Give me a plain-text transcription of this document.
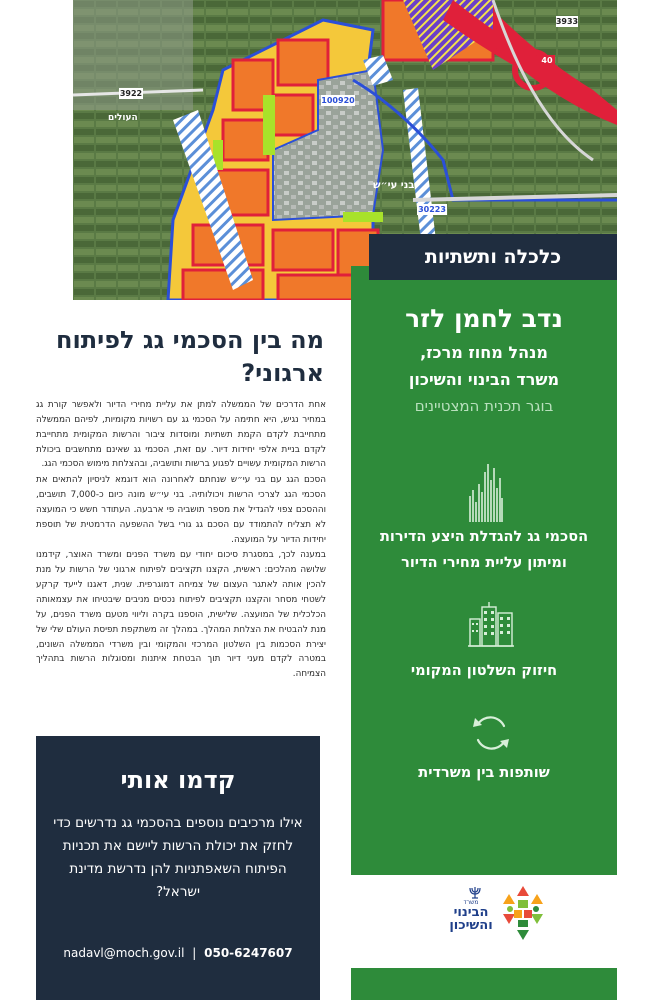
3933
40
3922
100920
30223
העולים
בני עי״ש
כלכלה ותשתיות
נדב לחמן לזר
מנהל מחוז מרכז,
משרד הבינוי והשיכון
בוגר תכנית המצטיינים
הסכמי גג להגדלת היצע הדירות
ומיתון עליית מחירי הדיור
חיזוק השלטון המקומי
שותפות בין משרדית
משרד
הבינוי
והשיכון
מה בין הסכמי גג לפיתוח
ארגוני?

אחת הדרכים של הממשלה למתן את עליית מחירי הדיור ולאפשר קורת גג במחיר נגיש, היא חתימה על הסכמי גג עם רשויות מקומיות, לפיהם הממשלה מתחייבת לקדם הקמת תשתיות ומוסדות ציבור והרשות המקומית מתחייבת לקדם בניית אלפי יחידות דיור. עם זאת, הסכמי גג שאינם מתחשבים ביכולת הרשות המקומית עשויים לפגוע ברשות ותושביה, ובהצלחת מימוש הסכמי הגג.

הסכם הגג עם בני עי״ש שנחתם לאחרונה הוא דוגמא לניסיון להתאים את הסכמי הגג לצרכי הרשות ויכולותיה. בני עי״ש מונה כיום כ-7,000 תושבים, וההסכם צפוי להגדיל את מספר תושביה פי ארבעה. העתודר חשש כי המועצה לא תצליח להתמודד עם הסכם גג גורי בשל ההשפעה הדרמטית של תוספת יחידות הדיור על המועצה.

במענה לכך, במסגרת סיכום יחודי עם משרד הפנים ומשרד האוצר, קידמנו שלושה מהלכים: ראשית, הקצנו תקציבים לפיתוח ארגוני של הרשות על מנת להכין אותה לאתגר העצום של צמיחה דמוגרפית. שנית, דאגנו לייעד קרקע לשטחי מסחר והקצנו תקציבים לפיתוח נכסים מניבים שיבטיחו את עצמאותה הכלכלית של המועצה. שלישית, הוספנו בקרה וליווי מטעם משרד הפנים, על מנת להבטיח את הצלחת המהלך. במהלך זה משתקפת תפיסת העולם שלי של יצירת הסכמות בין השלטון המרכזי והמקומי ובין משרדי הממשלה השונים, במטרה לקדם מעני דיור תוך הבטחת איתנות ומסוגלות הרשות בתהליך הצמיחה.

קדמו אותי
אילו מרכיבים נוספים בהסכמי גג נדרשים כדי לחזק את יכולת הרשות ליישם את תכניות הפיתוח השאפתניות להן נדרשת מדינת ישראל?
nadavl@moch.gov.il | 050-6247607
